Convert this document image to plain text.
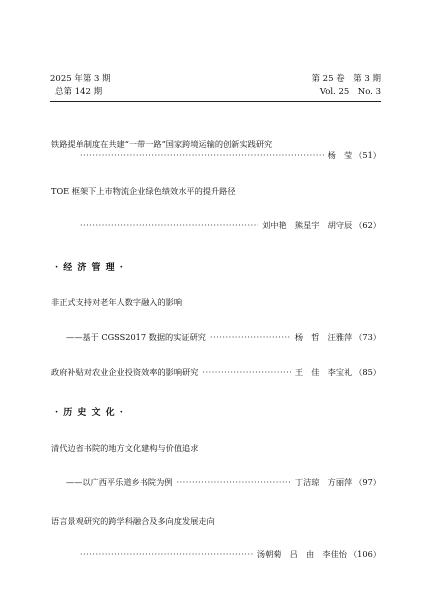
2025 年第 3 期
总第 142 期
第 25 卷　第 3 期
Vol. 25　No. 3
铁路提单制度在共建“一带一路”国家跨境运输的创新实践研究
·····
杨　莹 （51）
TOE 框架下上市物流企业绿色绩效水平的提升路径
·····
刘中艳　熊星宇　胡守辰 （62）
· 经 济 管 理 ·
非正式支持对老年人数字融入的影响
——基于 CGSS2017 数据的实证研究 ·····	杨　哲　汪雅萍 （73）
政府补贴对农业企业投资效率的影响研究 ·····	王　佳　李宝礼 （85）
· 历 史 文 化 ·
清代边省书院的地方文化建构与价值追求
——以广西平乐道乡书院为例 ·····	丁洁琼　方丽萍 （97）
语言景观研究的跨学科融合及多向度发展走向
·····
汤朝菊　吕　由　李佳怡 （106）
